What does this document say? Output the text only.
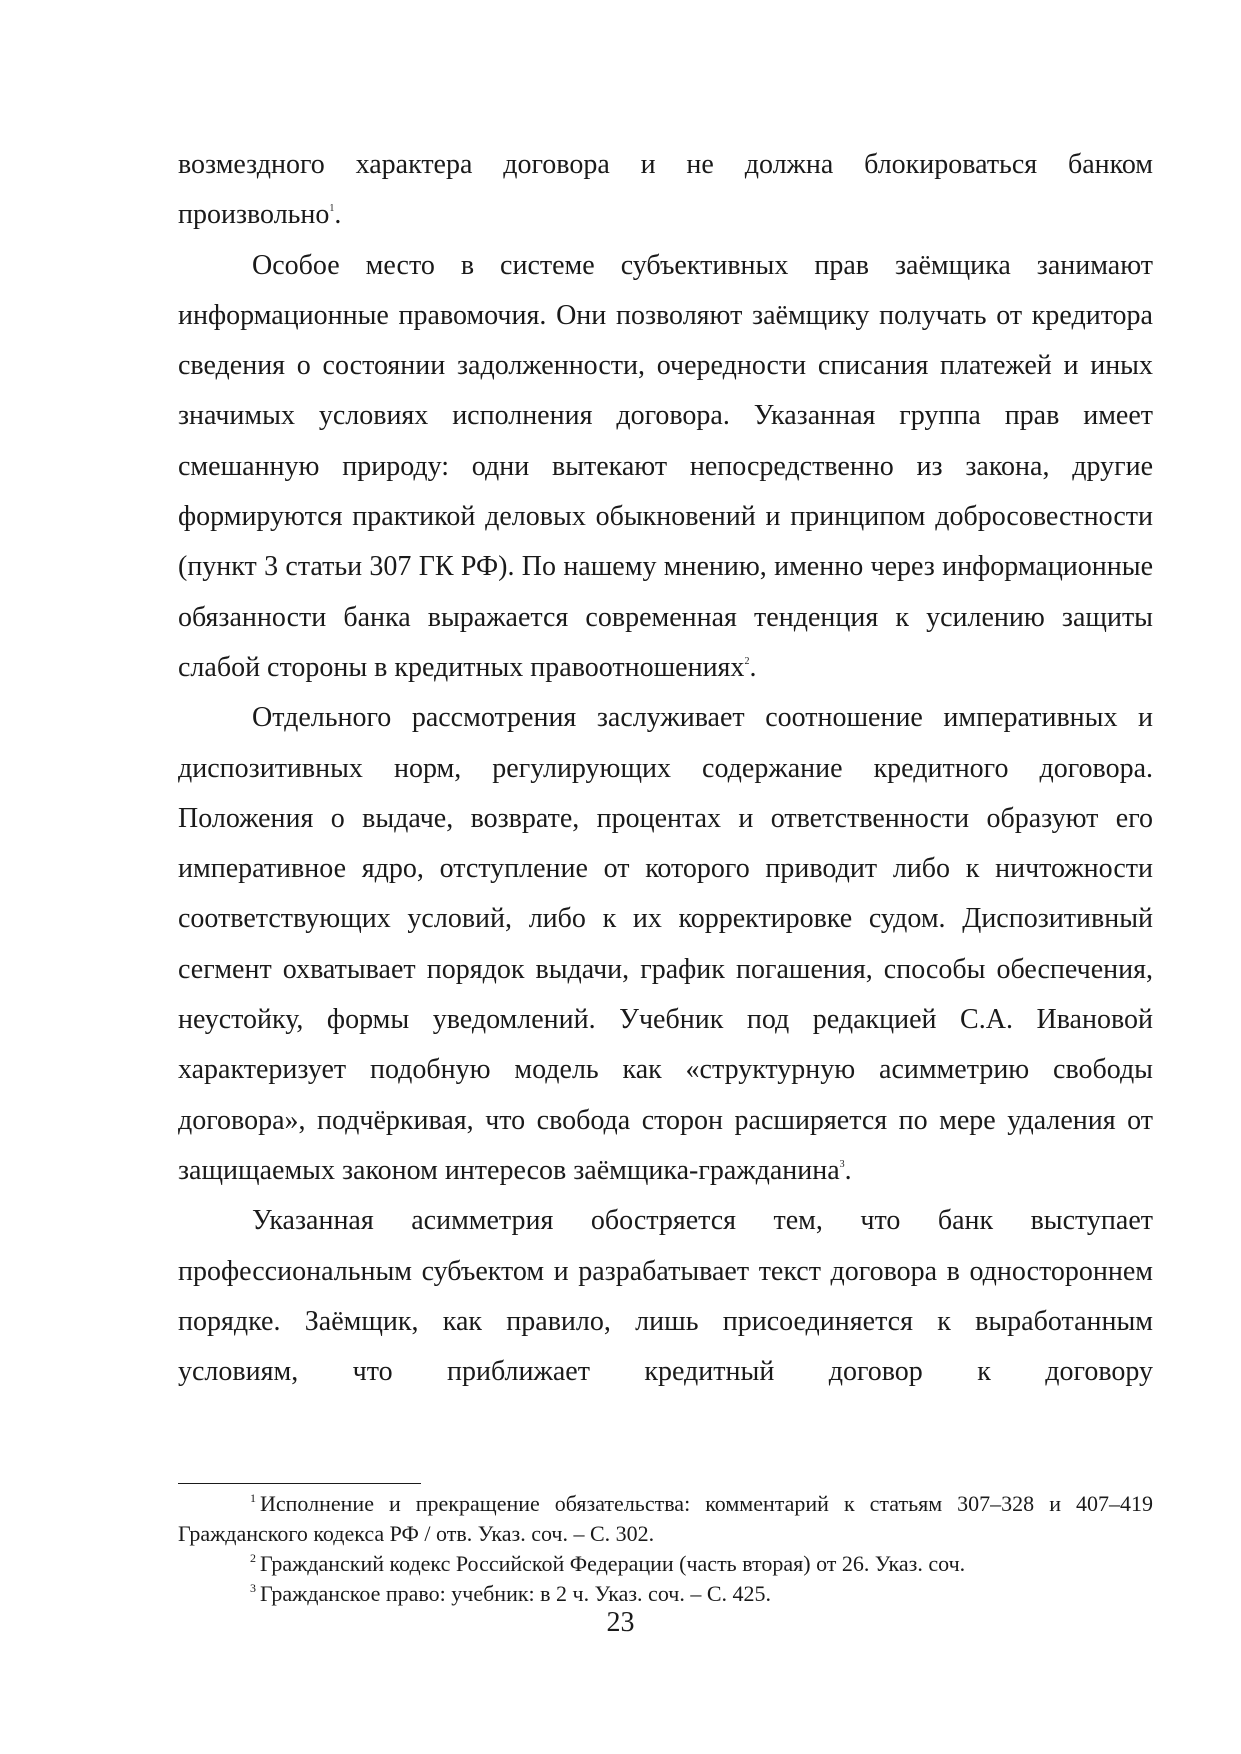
возмездного характера договора и не должна блокироваться банком произвольно$^1$.

Особое место в системе субъективных прав заёмщика занимают информационные правомочия. Они позволяют заёмщику получать от кредитора сведения о состоянии задолженности, очередности списания платежей и иных значимых условиях исполнения договора. Указанная группа прав имеет смешанную природу: одни вытекают непосредственно из закона, другие формируются практикой деловых обыкновений и принципом добросовестности (пункт 3 статьи 307 ГК РФ). По нашему мнению, именно через информационные обязанности банка выражается современная тенденция к усилению защиты слабой стороны в кредитных правоотношениях$^2$.

Отдельного рассмотрения заслуживает соотношение императивных и диспозитивных норм, регулирующих содержание кредитного договора. Положения о выдаче, возврате, процентах и ответственности образуют его императивное ядро, отступление от которого приводит либо к ничтожности соответствующих условий, либо к их корректировке судом. Диспозитивный сегмент охватывает порядок выдачи, график погашения, способы обеспечения, неустойку, формы уведомлений. Учебник под редакцией С.А. Ивановой характеризует подобную модель как «структурную асимметрию свободы договора», подчёркивая, что свобода сторон расширяется по мере удаления от защищаемых законом интересов заёмщика-гражданина$^3$.

Указанная асимметрия обостряется тем, что банк выступает профессиональным субъектом и разрабатывает текст договора в одностороннем порядке. Заёмщик, как правило, лишь присоединяется к выработанным условиям, что приближает кредитный договор к договору

$^1$ Исполнение и прекращение обязательства: комментарий к статьям 307–328 и 407–419 Гражданского кодекса РФ / отв. Указ. соч. – С. 302.

$^2$ Гражданский кодекс Российской Федерации (часть вторая) от 26. Указ. соч.

$^3$ Гражданское право: учебник: в 2 ч. Указ. соч. – С. 425.

23
